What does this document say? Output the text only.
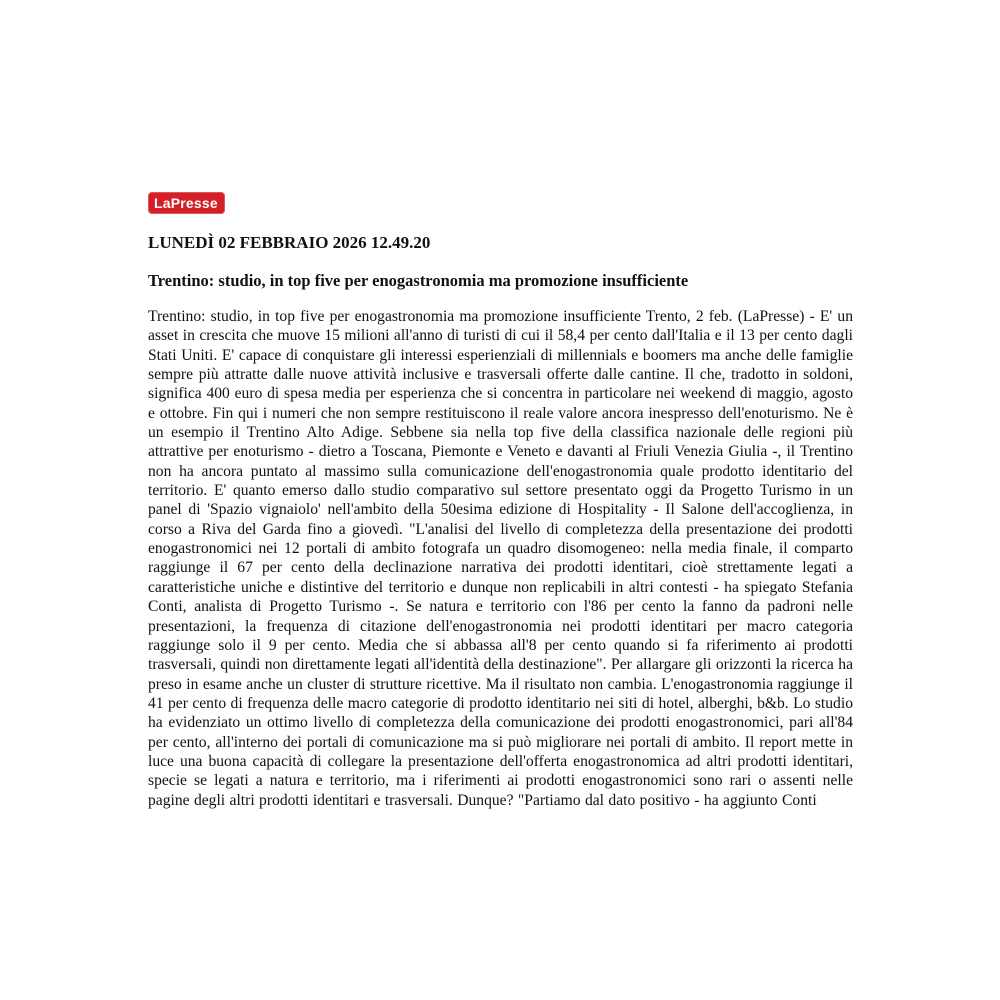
LaPresse
LUNEDÌ 02 FEBBRAIO 2026 12.49.20
Trentino: studio, in top five per enogastronomia ma promozione insufficiente

Trentino: studio, in top five per enogastronomia ma promozione insufficiente Trento, 2 feb. (LaPresse) - E' un asset in crescita che muove 15 milioni all'anno di turisti di cui il 58,4 per cento dall'Italia e il 13 per cento dagli Stati Uniti. E' capace di conquistare gli interessi esperienziali di millennials e boomers ma anche delle famiglie sempre più attratte dalle nuove attività inclusive e trasversali offerte dalle cantine. Il che, tradotto in soldoni, significa 400 euro di spesa media per esperienza che si concentra in particolare nei weekend di maggio, agosto e ottobre. Fin qui i numeri che non sempre restituiscono il reale valore ancora inespresso dell'enoturismo. Ne è un esempio il Trentino Alto Adige. Sebbene sia nella top five della classifica nazionale delle regioni più attrattive per enoturismo - dietro a Toscana, Piemonte e Veneto e davanti al Friuli Venezia Giulia -, il Trentino non ha ancora puntato al massimo sulla comunicazione dell'enogastronomia quale prodotto identitario del territorio. E' quanto emerso dallo studio comparativo sul settore presentato oggi da Progetto Turismo in un panel di 'Spazio vignaiolo' nell'ambito della 50esima edizione di Hospitality - Il Salone dell'accoglienza, in corso a Riva del Garda fino a giovedì. "L'analisi del livello di completezza della presentazione dei prodotti enogastronomici nei 12 portali di ambito fotografa un quadro disomogeneo: nella media finale, il comparto raggiunge il 67 per cento della declinazione narrativa dei prodotti identitari, cioè strettamente legati a caratteristiche uniche e distintive del territorio e dunque non replicabili in altri contesti - ha spiegato Stefania Conti, analista di Progetto Turismo -. Se natura e territorio con l'86 per cento la fanno da padroni nelle presentazioni, la frequenza di citazione dell'enogastronomia nei prodotti identitari per macro categoria raggiunge solo il 9 per cento. Media che si abbassa all'8 per cento quando si fa riferimento ai prodotti trasversali, quindi non direttamente legati all'identità della destinazione". Per allargare gli orizzonti la ricerca ha preso in esame anche un cluster di strutture ricettive. Ma il risultato non cambia. L'enogastronomia raggiunge il 41 per cento di frequenza delle macro categorie di prodotto identitario nei siti di hotel, alberghi, b&b. Lo studio ha evidenziato un ottimo livello di completezza della comunicazione dei prodotti enogastronomici, pari all'84 per cento, all'interno dei portali di comunicazione ma si può migliorare nei portali di ambito. Il report mette in luce una buona capacità di collegare la presentazione dell'offerta enogastronomica ad altri prodotti identitari, specie se legati a natura e territorio, ma i riferimenti ai prodotti enogastronomici sono rari o assenti nelle pagine degli altri prodotti identitari e trasversali. Dunque? "Partiamo dal dato positivo - ha aggiunto Conti
